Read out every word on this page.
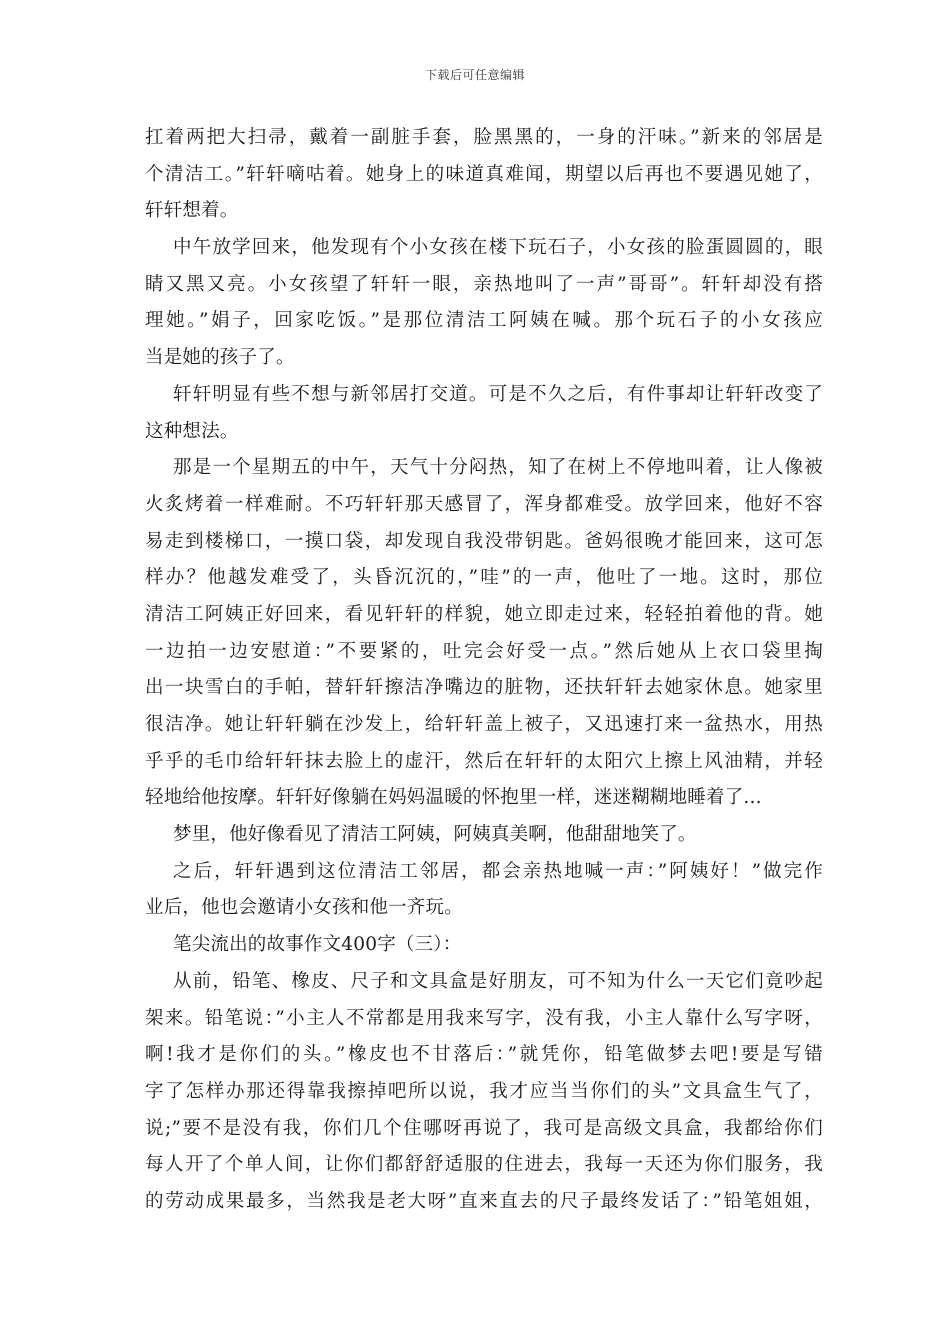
下载后可任意编辑
扛着两把大扫帚，戴着一副脏手套，脸黑黑的，一身的汗味。”新来的邻居是
个清洁工。”轩轩嘀咕着。她身上的味道真难闻，期望以后再也不要遇见她了，
轩轩想着。
中午放学回来，他发现有个小女孩在楼下玩石子，小女孩的脸蛋圆圆的，眼
睛又黑又亮。小女孩望了轩轩一眼，亲热地叫了一声”哥哥”。轩轩却没有搭
理她。”娟子，回家吃饭。”是那位清洁工阿姨在喊。那个玩石子的小女孩应
当是她的孩子了。
轩轩明显有些不想与新邻居打交道。可是不久之后，有件事却让轩轩改变了
这种想法。
那是一个星期五的中午，天气十分闷热，知了在树上不停地叫着，让人像被
火炙烤着一样难耐。不巧轩轩那天感冒了，浑身都难受。放学回来，他好不容
易走到楼梯口，一摸口袋，却发现自我没带钥匙。爸妈很晚才能回来，这可怎
样办？他越发难受了，头昏沉沉的，”哇”的一声，他吐了一地。这时，那位
清洁工阿姨正好回来，看见轩轩的样貌，她立即走过来，轻轻拍着他的背。她
一边拍一边安慰道：”不要紧的，吐完会好受一点。”然后她从上衣口袋里掏
出一块雪白的手帕，替轩轩擦洁净嘴边的脏物，还扶轩轩去她家休息。她家里
很洁净。她让轩轩躺在沙发上，给轩轩盖上被子，又迅速打来一盆热水，用热
乎乎的毛巾给轩轩抹去脸上的虚汗，然后在轩轩的太阳穴上擦上风油精，并轻
轻地给他按摩。轩轩好像躺在妈妈温暖的怀抱里一样，迷迷糊糊地睡着了...
梦里，他好像看见了清洁工阿姨，阿姨真美啊，他甜甜地笑了。
之后，轩轩遇到这位清洁工邻居，都会亲热地喊一声：”阿姨好！”做完作
业后，他也会邀请小女孩和他一齐玩。
笔尖流出的故事作文400字（三）：
从前，铅笔、橡皮、尺子和文具盒是好朋友，可不知为什么一天它们竟吵起
架来。铅笔说：”小主人不常都是用我来写字，没有我，小主人靠什么写字呀，
啊!我才是你们的头。”橡皮也不甘落后：”就凭你，铅笔做梦去吧!要是写错
字了怎样办那还得靠我擦掉吧所以说，我才应当当你们的头”文具盒生气了，
说;”要不是没有我，你们几个住哪呀再说了，我可是高级文具盒，我都给你们
每人开了个单人间，让你们都舒舒适服的住进去，我每一天还为你们服务，我
的劳动成果最多，当然我是老大呀”直来直去的尺子最终发话了：”铅笔姐姐，
